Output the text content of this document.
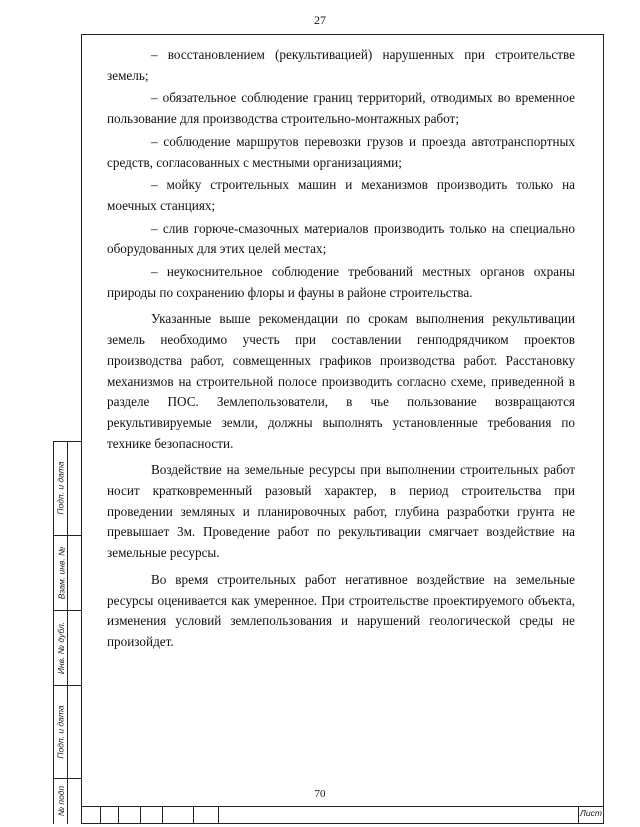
27

– восстановлением (рекультивацией) нарушенных при строительстве земель;

– обязательное соблюдение границ территорий, отводимых во временное пользование для производства строительно-монтажных работ;

– соблюдение маршрутов перевозки грузов и проезда автотранспортных средств, согласованных с местными организациями;

– мойку строительных машин и механизмов производить только на моечных станциях;

– слив горюче-смазочных материалов производить только на специально оборудованных для этих целей местах;

– неукоснительное соблюдение требований местных органов охраны природы по сохранению флоры и фауны в районе строительства.

Указанные выше рекомендации по срокам выполнения рекультивации земель необходимо учесть при составлении генподрядчиком проектов производства работ, совмещенных графиков производства работ. Расстановку механизмов на строительной полосе производить согласно схеме, приведенной в разделе ПОС. Землепользователи, в чье пользование возвращаются рекультивируемые земли, должны выполнять установленные требования по технике безопасности.

Воздействие на земельные ресурсы при выполнении строительных работ носит кратковременный разовый характер, в период строительства при проведении земляных и планировочных работ, глубина разработки грунта не превышает 3м. Проведение работ по рекультивации смягчает воздействие на земельные ресурсы.

Во время строительных работ негативное воздействие на земельные ресурсы оценивается как умеренное. При строительстве проектируемого объекта, изменения условий землепользования и нарушений геологической среды не произойдет.

70
Подп. и дата
Взам. инв. №
Инв. № дубл.
Подп. и дата
№ подп	Лист
